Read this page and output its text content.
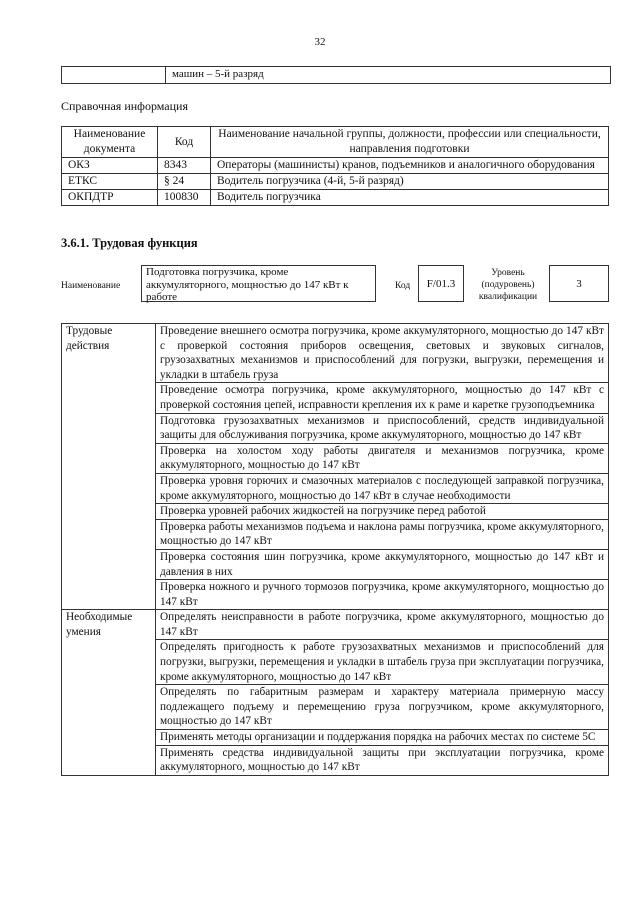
32
машин – 5-й разряд
Справочная информация
Наименование документа	Код	Наименование начальной группы, должности, профессии или специальности, направления подготовки
ОКЗ	8343	Операторы (машинисты) кранов, подъемников и аналогичного оборудования
ЕТКС	§ 24	Водитель погрузчика (4-й, 5-й разряд)
ОКПДТР	100830	Водитель погрузчика
3.6.1. Трудовая функция
Наименование
Подготовка погрузчика, кроме аккумуляторного, мощностью до 147 кВт к работе
Код	F/01.3
Уровень (подуровень) квалификации
3
Трудовые действия	Проведение внешнего осмотра погрузчика, кроме аккумуляторного, мощностью до 147 кВт с проверкой состояния приборов освещения, световых и звуковых сигналов, грузозахватных механизмов и приспособлений для погрузки, выгрузки, перемещения и укладки в штабель груза
	Проведение осмотра погрузчика, кроме аккумуляторного, мощностью до 147 кВт с проверкой состояния цепей, исправности крепления их к раме и каретке грузоподъемника
	Подготовка грузозахватных механизмов и приспособлений, средств индивидуальной защиты для обслуживания погрузчика, кроме аккумуляторного, мощностью до 147 кВт
	Проверка на холостом ходу работы двигателя и механизмов погрузчика, кроме аккумуляторного, мощностью до 147 кВт
	Проверка уровня горючих и смазочных материалов с последующей заправкой погрузчика, кроме аккумуляторного, мощностью до 147 кВт в случае необходимости
	Проверка уровней рабочих жидкостей на погрузчике перед работой
	Проверка работы механизмов подъема и наклона рамы погрузчика, кроме аккумуляторного, мощностью до 147 кВт
	Проверка состояния шин погрузчика, кроме аккумуляторного, мощностью до 147 кВт и давления в них
	Проверка ножного и ручного тормозов погрузчика, кроме аккумуляторного, мощностью до 147 кВт
Необходимые умения	Определять неисправности в работе погрузчика, кроме аккумуляторного, мощностью до 147 кВт
	Определять пригодность к работе грузозахватных механизмов и приспособлений для погрузки, выгрузки, перемещения и укладки в штабель груза при эксплуатации погрузчика, кроме аккумуляторного, мощностью до 147 кВт
	Определять по габаритным размерам и характеру материала примерную массу подлежащего подъему и перемещению груза погрузчиком, кроме аккумуляторного, мощностью до 147 кВт
	Применять методы организации и поддержания порядка на рабочих местах по системе 5С
	Применять средства индивидуальной защиты при эксплуатации погрузчика, кроме аккумуляторного, мощностью до 147 кВт
